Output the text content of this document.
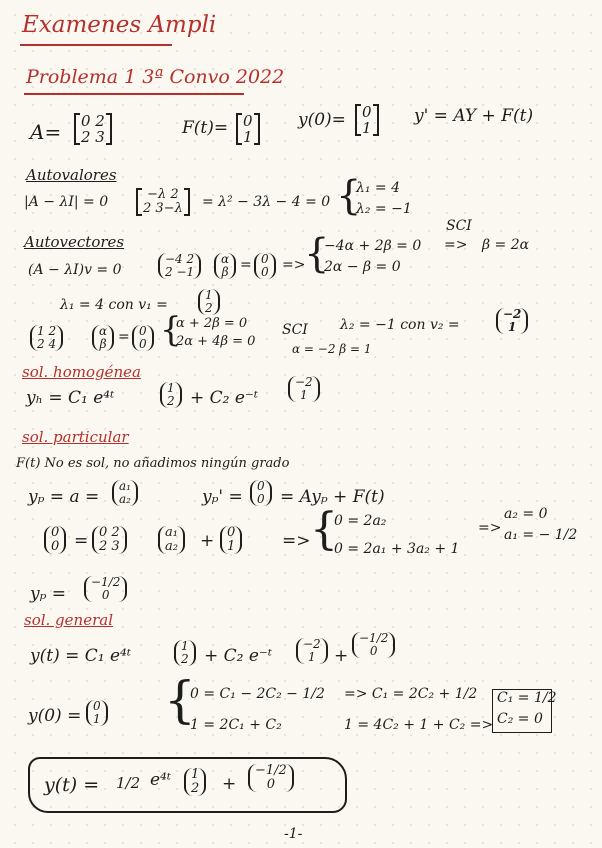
Examenes Ampli
Problema 1 3ª Convo 2022
A= 0 2
2 3	F(t)= 0
1
y(0)= 0
1
y' = AY + F(t)
Autovalores
|A − λI| = 0	−λ 2
2 3−λ = λ² − 3λ − 4 = 0 {
λ₁ = 4
λ₂ = −1
Autovectores
(A − λI)v = 0
−4 2
2 −1
α
β = 0
0 =>
{
−4α + 2β = 0
2α − β = 0
SCI
=> β = 2α
λ₁ = 4 con v₁ =
1
2
1 2
2 4
α
β = 0
0 {
α + 2β = 0
2α + 4β = 0
SCI
α = −2 β = 1
λ₂ = −1 con v₂ =
−2
1
sol. homogénea
yₕ = C₁ e⁴ᵗ	1
2 + C₂ e⁻ᵗ
−2
1
sol. particular
F(t) No es sol, no añadimos ningún grado
yₚ = a =
a₁
a₂	yₚ' =
0
0 = Ayₚ + F(t)
0
0 = 0 2
2 3
a₁
a₂ + 0
1	=> {
0 = 2a₂
0 = 2a₁ + 3a₂ + 1
=>
a₂ = 0
a₁ = − 1/2
yₚ =
−1/2
0
sol. general
y(t) = C₁ e⁴ᵗ	1
2 + C₂ e⁻ᵗ
−2
1 +
−1/2
0
y(0) = 0
1 {
0 = C₁ − 2C₂ − 1/2
1 = 2C₁ + C₂
=> C₁ = 2C₂ + 1/2
1 = 4C₂ + 1 + C₂ =>
C₁ = 1/2
C₂ = 0
y(t) = 1/2 e⁴ᵗ 1
2 +
−1/2
0
-1-
